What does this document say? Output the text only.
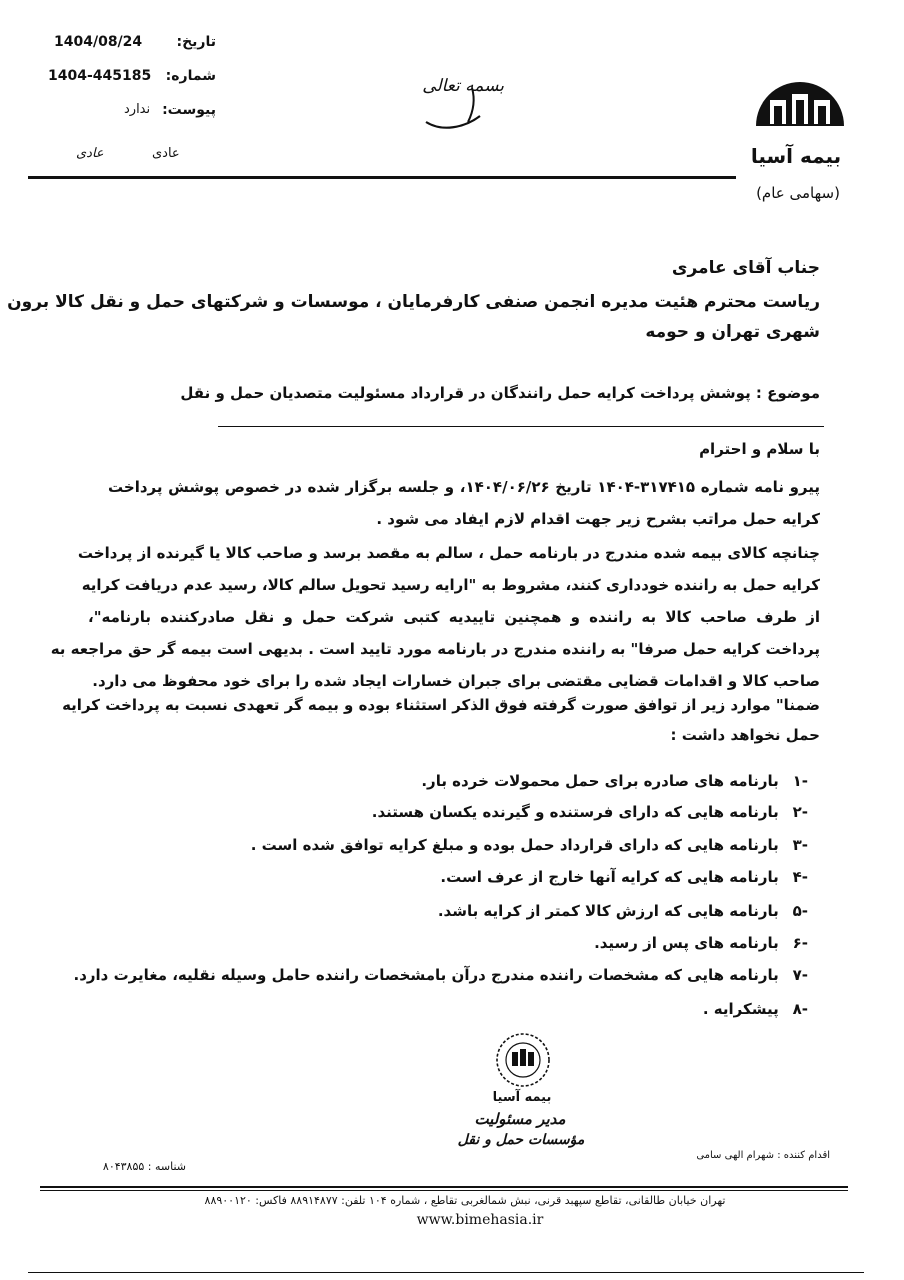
تاریخ:
1404/08/24
شماره:
1404-445185
پیوست:
ندارد
عادی	عادی
بسمه تعالی
بیمه آسیا
(سهامی عام)
جناب آقای عامری
ریاست محترم هئیت مدیره انجمن صنفی کارفرمایان ، موسسات و شرکتهای حمل و نقل کالا برون
شهری تهران و حومه
موضوع : پوشش پرداخت کرایه حمل رانندگان در قرارداد مسئولیت متصدیان حمل و نقل
با سلام و احترام
پیرو نامه شماره ۳۱۷۴۱۵-۱۴۰۴ تاریخ ۱۴۰۴/۰۶/۲۶، و جلسه برگزار شده در خصوص پوشش پرداخت
کرایه حمل مراتب بشرح زیر جهت اقدام لازم ایفاد می شود .
چنانچه کالای بیمه شده مندرج در بارنامه حمل ، سالم به مقصد برسد و صاحب کالا یا گیرنده از پرداخت
کرایه حمل به راننده خودداری کنند، مشروط به "ارایه رسید تحویل سالم کالا، رسید عدم دریافت کرایه
از طرف صاحب کالا به راننده و همچنین تاییدیه کتبی شرکت حمل و نقل صادرکننده بارنامه"،
پرداخت کرایه حمل صرفا" به راننده مندرج در بارنامه مورد تایید است . بدیهی است بیمه گر حق مراجعه به
صاحب کالا و اقدامات قضایی مقتضی برای جبران خسارات ایجاد شده را برای خود محفوظ می دارد.
ضمنا" موارد زیر از توافق صورت گرفته فوق الذکر استثناء بوده و بیمه گر تعهدی نسبت به پرداخت کرایه
حمل نخواهد داشت :
-۱ بارنامه های صادره برای حمل محمولات خرده بار.
-۲ بارنامه هایی که دارای فرستنده و گیرنده یکسان هستند.
-۳ بارنامه هایی که دارای قرارداد حمل بوده و مبلغ کرایه توافق شده است .
-۴ بارنامه هایی که کرایه آنها خارج از عرف است.
-۵ بارنامه هایی که ارزش کالا کمتر از کرایه باشد.
-۶ بارنامه های پس از رسید.
-۷ بارنامه هایی که مشخصات راننده مندرج درآن بامشخصات راننده حامل وسیله نقلیه، مغایرت دارد.
-۸ پیشکرایه .
بیمه آسیا
مدیر مسئولیت
مؤسسات حمل و نقل
اقدام کننده : شهرام الهی سامی
شناسه : ۸۰۴۳۸۵۵
تهران خیابان طالقانی، تقاطع سپهبد قرنی، نبش شمالغربی تقاطع ، شماره ۱۰۴ تلفن: ۸۸۹۱۴۸۷۷ فاکس: ۸۸۹۰۰۱۲۰
www.bimehasia.ir
